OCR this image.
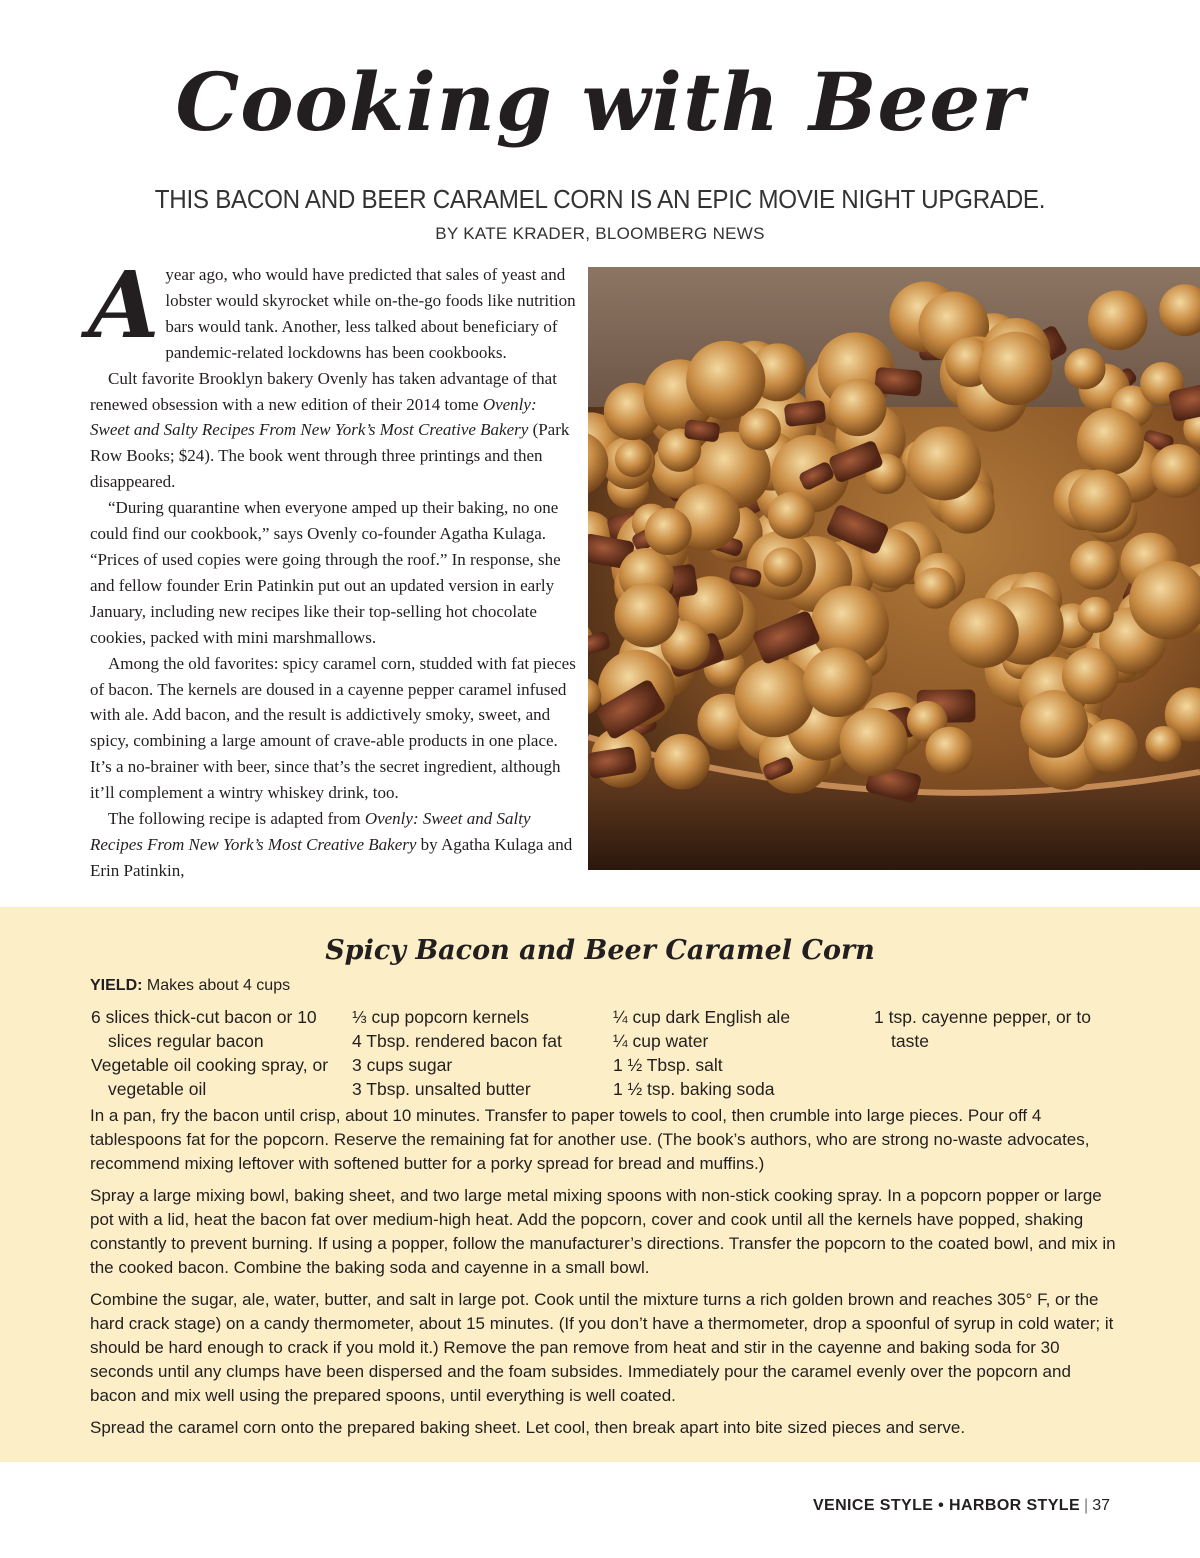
Cooking with Beer
THIS BACON AND BEER CARAMEL CORN IS AN EPIC MOVIE NIGHT UPGRADE.
BY KATE KRADER, BLOOMBERG NEWS

Ayear ago, who would have predicted that sales of yeast and lobster would skyrocket while on-the-go foods like nutrition bars would tank. Another, less talked about beneficiary of pandemic-related lockdowns has been cookbooks.

Cult favorite Brooklyn bakery Ovenly has taken advantage of that renewed obsession with a new edition of their 2014 tome Ovenly: Sweet and Salty Recipes From New York’s Most Creative Bakery (Park Row Books; $24). The book went through three printings and then disappeared.

“During quarantine when everyone amped up their baking, no one could find our cookbook,” says Ovenly co-founder Agatha Kulaga. “Prices of used copies were going through the roof.” In response, she and fellow founder Erin Patinkin put out an updated version in early January, including new recipes like their top-selling hot chocolate cookies, packed with mini marshmallows.

Among the old favorites: spicy caramel corn, studded with fat pieces of bacon. The kernels are doused in a cayenne pepper caramel infused with ale. Add bacon, and the result is addictively smoky, sweet, and spicy, combining a large amount of crave-able products in one place. It’s a no-brainer with beer, since that’s the secret ingredient, although it’ll complement a wintry whiskey drink, too.

The following recipe is adapted from Ovenly: Sweet and Salty Recipes From New York’s Most Creative Bakery by Agatha Kulaga and Erin Patinkin,

Spicy Bacon and Beer Caramel Corn
YIELD: Makes about 4 cups
6 slices thick-cut bacon or 10 slices regular bacon
Vegetable oil cooking spray, or vegetable oil
⅓ cup popcorn kernels
4 Tbsp. rendered bacon fat
3 cups sugar
3 Tbsp. unsalted butter
¼ cup dark English ale
¼ cup water
1 ½ Tbsp. salt
1 ½ tsp. baking soda
1 tsp. cayenne pepper, or to taste

In a pan, fry the bacon until crisp, about 10 minutes. Transfer to paper towels to cool, then crumble into large pieces. Pour off 4 tablespoons fat for the popcorn. Reserve the remaining fat for another use. (The book’s authors, who are strong no-waste advocates, recommend mixing leftover with softened butter for a porky spread for bread and muffins.)

Spray a large mixing bowl, baking sheet, and two large metal mixing spoons with non-stick cooking spray. In a popcorn popper or large pot with a lid, heat the bacon fat over medium-high heat. Add the popcorn, cover and cook until all the kernels have popped, shaking constantly to prevent burning. If using a popper, follow the manufacturer’s directions. Transfer the popcorn to the coated bowl, and mix in the cooked bacon. Combine the baking soda and cayenne in a small bowl.

Combine the sugar, ale, water, butter, and salt in large pot. Cook until the mixture turns a rich golden brown and reaches 305° F, or the hard crack stage) on a candy thermometer, about 15 minutes. (If you don’t have a thermometer, drop a spoonful of syrup in cold water; it should be hard enough to crack if you mold it.) Remove the pan remove from heat and stir in the cayenne and baking soda for 30 seconds until any clumps have been dispersed and the foam subsides. Immediately pour the caramel evenly over the popcorn and bacon and mix well using the prepared spoons, until everything is well coated.

Spread the caramel corn onto the prepared baking sheet. Let cool, then break apart into bite sized pieces and serve.

VENICE STYLE • HARBOR STYLE | 37
